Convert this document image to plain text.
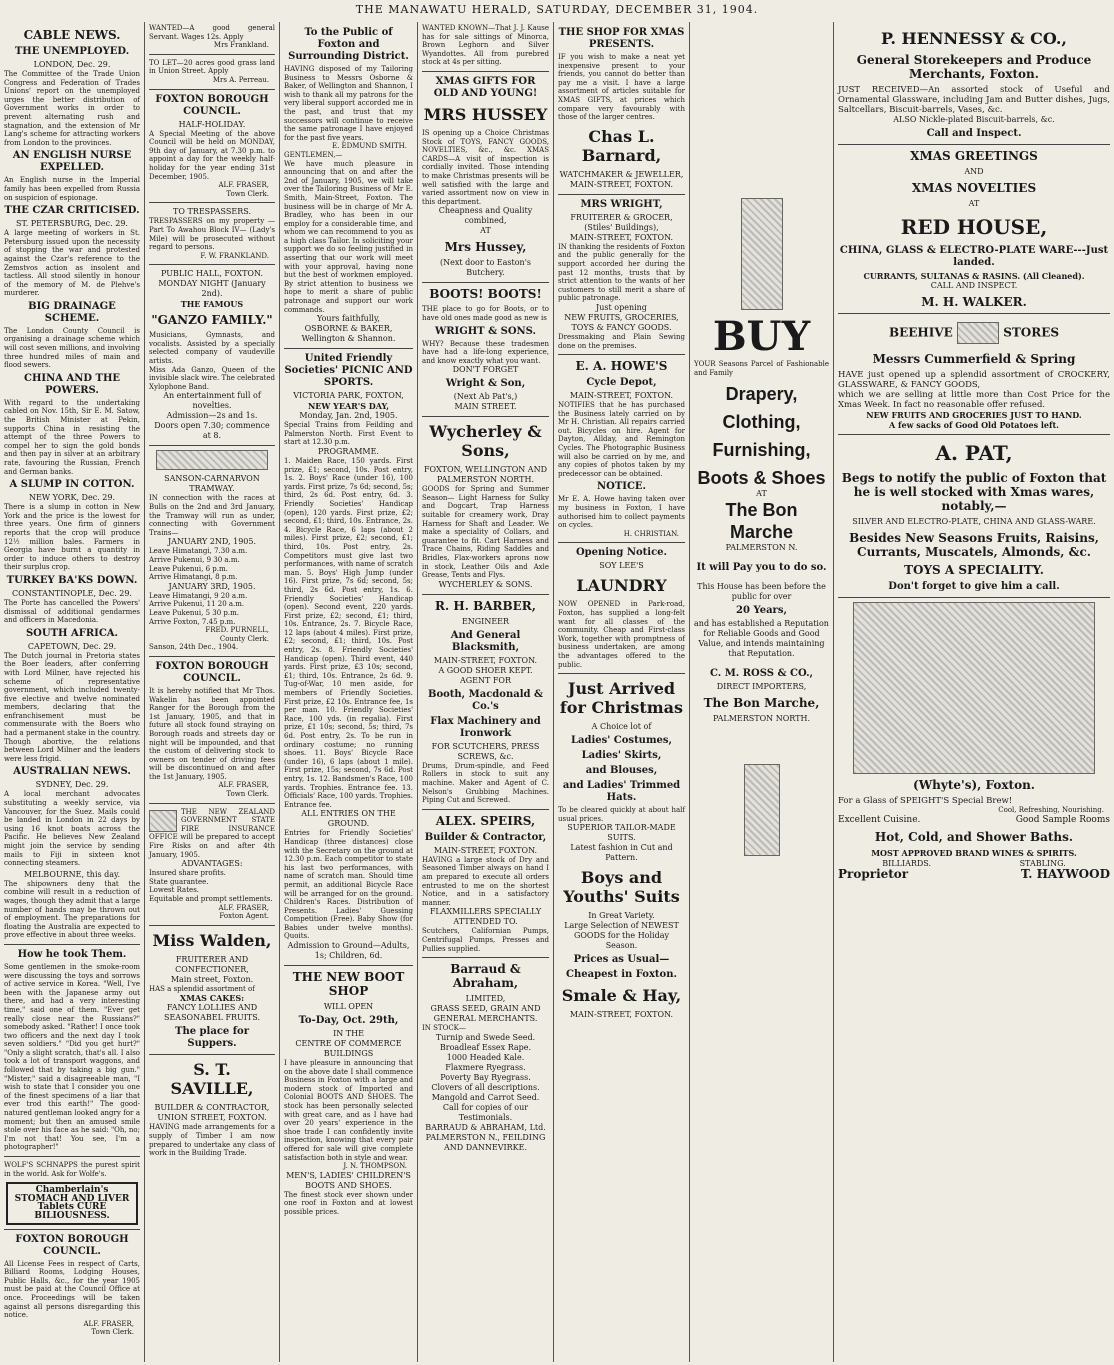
THE MANAWATU HERALD, SATURDAY, DECEMBER 31, 1904.
CABLE NEWS.
THE UNEMPLOYED.
LONDON, Dec. 29.
The Committee of the Trade Union Congress and Federation of Trades Unions' report on the unemployed urges the better distribution of Government works in order to prevent alternating rush and stagnation, and the extension of Mr Lang's scheme for attracting workers from London to the provinces.
AN ENGLISH NURSE EXPELLED.
An English nurse in the Imperial family has been expelled from Russia on suspicion of espionage.
THE CZAR CRITICISED.
ST. PETERSBURG, Dec. 29.
A large meeting of workers in St. Petersburg issued upon the necessity of stopping the war and protested against the Czar's reference to the Zemstvos action as insolent and tactless. All stood silently in honour of the memory of M. de Plehve's murderer.
BIG DRAINAGE SCHEME.
The London County Council is organising a drainage scheme which will cost seven millions, and involving three hundred miles of main and flood sewers.
CHINA AND THE POWERS.
With regard to the undertaking cabled on Nov. 15th, Sir E. M. Satow, the British Minister at Pekin, supports China in resisting the attempt of the three Powers to compel her to sign the gold bonds and then pay in silver at an arbitrary rate, favouring the Russian, French and German banks.
A SLUMP IN COTTON.
NEW YORK, Dec. 29.
There is a slump in cotton in New York and the price is the lowest for three years. One firm of ginners reports that the crop will produce 12½ million bales. Farmers in Georgia have burnt a quantity in order to induce others to destroy their surplus crop.
TURKEY BA'KS DOWN.
CONSTANTINOPLE, Dec. 29.
The Porte has cancelled the Powers' dismissal of additional gendarmes and officers in Macedonia.
SOUTH AFRICA.
CAPETOWN, Dec. 29.
The Dutch journal in Pretoria states the Boer leaders, after conferring with Lord Milner, have rejected his scheme of representative government, which included twenty-five elective and twelve nominated members, declaring that the enfranchisement must be commensurate with the Boers who had a permanent stake in the country. Though abortive, the relations between Lord Milner and the leaders were less frigid.
AUSTRALIAN NEWS.
SYDNEY, Dec. 29.
A local merchant advocates substituting a weekly service, via Vancouver, for the Suez. Mails could be landed in London in 22 days by using 16 knot boats across the Pacific. He believes New Zealand might join the service by sending mails to Fiji in sixteen knot connecting steamers.
MELBOURNE, this day.
The shipowners deny that the combine will result in a reduction of wages, though they admit that a large number of hands may be thrown out of employment. The preparations for floating the Australia are expected to prove effective in about three weeks.
How he took Them.
Some gentlemen in the smoke-room were discussing the toys and sorrows of active service in Korea. "Well, I've been with the Japanese army out there, and had a very interesting time," said one of them. "Ever get really close near the Russians?" somebody asked. "Rather! I once took two officers and the next day I took seven soldiers." "Did you get hurt?" "Only a slight scratch, that's all. I also took a lot of transport waggons, and followed that by taking a big gun." "Mister," said a disagreeable man, "I wish to state that I consider you one of the finest specimens of a liar that ever trod this earth!" The good-natured gentleman looked angry for a moment; but then an amused smile stole over his face as he said: "Oh, no; I'm not that! You see, I'm a photographer!"
WOLF'S SCHNAPPS the purest spirit in the world. Ask for Wolfe's.
Chamberlain's STOMACH AND LIVER Tablets CURE BILIOUSNESS.
FOXTON BOROUGH COUNCIL.
All License Fees in respect of Carts, Billiard Rooms, Lodging Houses, Public Halls, &c., for the year 1905 must be paid at the Council Office at once. Proceedings will be taken against all persons disregarding this notice.
ALF. FRASER,
Town Clerk.
WANTED—A good general Servant. Wages 12s. Apply
Mrs Frankland.
TO LET—20 acres good grass land in Union Street. Apply
Mrs A. Perreau.
FOXTON BOROUGH COUNCIL.
HALF-HOLIDAY.
A Special Meeting of the above Council will be held on MONDAY, 9th day of January, at 7.30 p.m. to appoint a day for the weekly half-holiday for the year ending 31st December, 1905.
ALF. FRASER,
Town Clerk.
TO TRESPASSERS.
TRESPASSERS on my property —Part To Awahou Block IV— (Lady's Mile) will be prosecuted without regard to persons.
F. W. FRANKLAND.
PUBLIC HALL, FOXTON.
MONDAY NIGHT (January 2nd).
THE FAMOUS
"GANZO FAMILY."
Musicians, Gymnasts, and vocalists. Assisted by a specially selected company of vaudeville artists.
Miss Ada Ganzo, Queen of the invisible slack wire. The celebrated Xylophone Band.
An entertainment full of novelties.
Admission—2s and 1s.
Doors open 7.30; commence at 8.
SANSON-CARNARVON TRAMWAY.
IN connection with the races at Bulls on the 2nd and 3rd January, the Tramway will run as under, connecting with Government Trains—
JANUARY 2ND, 1905.
Leave Himatangi, 7.30 a.m.
Arrive Pukenui, 9 30 a.m.
Leave Pukenui, 6 p.m.
Arrive Himatangi, 8 p.m.
JANUARY 3RD, 1905.
Leave Himatangi, 9 20 a.m.
Arrive Pukenui, 11 20 a.m.
Leave Pukenui, 5 30 p.m.
Arrive Foxton, 7.45 p.m.
FRED. PURNELL,
County Clerk.
Sanson, 24th Dec., 1904.
FOXTON BOROUGH COUNCIL.
It is hereby notified that Mr Thos. Wakelin has been appointed Ranger for the Borough from the 1st January, 1905, and that in future all stock found straying on Borough roads and streets day or night will be impounded, and that the custom of delivering stock to owners on tender of driving fees will be discontinued on and after the 1st January, 1905.
ALF. FRASER,
Town Clerk.
THE NEW ZEALAND GOVERNMENT STATE FIRE INSURANCE OFFICE will be prepared to accept Fire Risks on and after 4th January, 1905.
ADVANTAGES:
Insured share profits.
State guarantee.
Lowest Rates.
Equitable and prompt settlements.
ALF. FRASER,
Foxton Agent.
Miss Walden,
FRUITERER AND CONFECTIONER,
Main street, Foxton.
HAS a splendid assortment of
XMAS CAKES:
FANCY LOLLIES AND SEASONABEL FRUITS.
The place for Suppers.
S. T. SAVILLE,
BUILDER & CONTRACTOR,
UNION STREET, FOXTON.
HAVING made arrangements for a supply of Timber I am now prepared to undertake any class of work in the Building Trade.
To the Public of Foxton and Surrounding District.
HAVING disposed of my Tailoring Business to Messrs Osborne & Baker, of Wellington and Shannon, I wish to thank all my patrons for the very liberal support accorded me in the past, and trust that my successors will continue to receive the same patronage I have enjoyed for the past five years.
E. EDMUND SMITH.
GENTLEMEN,—
We have much pleasure in announcing that on and after the 2nd of January, 1905, we will take over the Tailoring Business of Mr E. Smith, Main-Street, Foxton. The business will be in charge of Mr A. Bradley, who has been in our employ for a considerable time, and whom we can recommend to you as a high class Tailor. In soliciting your support we do so feeling justified in asserting that our work will meet with your approval, having none but the best of workmen employed. By strict attention to business we hope to merit a share of public patronage and support our work commands.
Yours faithfully,
OSBORNE & BAKER,
Wellington & Shannon.
United Friendly Societies' PICNIC AND SPORTS.
VICTORIA PARK, FOXTON,
NEW YEAR'S DAY,
Monday, Jan. 2nd, 1905.
Special Trains from Feilding and Palmerston North. First Event to start at 12.30 p.m.
PROGRAMME.
1. Maiden Race, 150 yards. First prize, £1; second, 10s. Post entry, 1s. 2. Boys' Race (under 16), 100 yards. First prize, 7s 6d; second, 5s; third, 2s 6d. Post entry, 6d. 3. Friendly Societies' Handicap (open), 120 yards. First prize, £2; second, £1; third, 10s. Entrance, 2s. 4. Bicycle Race, 6 laps (about 2 miles). First prize, £2; second, £1; third, 10s. Post entry, 2s. Competitors must give last two performances, with name of scratch man. 5. Boys' High Jump (under 16). First prize, 7s 6d; second, 5s; third, 2s 6d. Post entry, 1s. 6. Friendly Societies' Handicap (open). Second event, 220 yards. First prize, £2; second, £1; third, 10s. Entrance, 2s. 7. Bicycle Race, 12 laps (about 4 miles). First prize, £2; second, £1; third, 10s. Post entry, 2s. 8. Friendly Societies' Handicap (open). Third event, 440 yards. First prize, £3 10s; second, £1; third, 10s. Entrance, 2s 6d. 9. Tug-of-War, 10 men aside, for members of Friendly Societies. First prize, £2 10s. Entrance fee, 1s per man. 10. Friendly Societies' Race, 100 yds. (in regalia). First prize, £1 10s; second, 5s; third, 7s 6d. Post entry, 2s. To be run in ordinary costume; no running shoes. 11. Boys' Bicycle Race (under 16), 6 laps (about 1 mile). First prize, 15s; second, 7s 6d. Post entry, 1s. 12. Bandsmen's Race, 100 yards. Trophies. Entrance fee. 13. Officials' Race, 100 yards. Trophies. Entrance fee.
ALL ENTRIES ON THE GROUND.
Entries for Friendly Societies' Handicap (three distances) close with the Secretary on the ground at 12.30 p.m. Each competitor to state his last two performances, with name of scratch man. Should time permit, an additional Bicycle Race will be arranged for on the ground. Children's Races. Distribution of Presents. Ladies' Guessing Competition (Free). Baby Show (for Babies under twelve months). Quoits.
Admission to Ground—Adults, 1s; Children, 6d.
THE NEW BOOT SHOP
WILL OPEN
To-Day, Oct. 29th,
IN THE
CENTRE OF COMMERCE BUILDINGS
I have pleasure in announcing that on the above date I shall commence Business in Foxton with a large and modern stock of Imported and Colonial BOOTS AND SHOES. The stock has been personally selected with great care, and as I have had over 20 years' experience in the shoe trade I can confidently invite inspection, knowing that every pair offered for sale will give complete satisfaction both in style and wear.
J. N. THOMPSON.
MEN'S, LADIES' CHILDREN'S BOOTS AND SHOES.
The finest stock ever shown under one roof in Foxton and at lowest possible prices.
WANTED KNOWN—That J. J. Kause has for sale sittings of Minorca, Brown Leghorn and Silver Wyandottes. All from purebred stock at 4s per sitting.
XMAS GIFTS FOR OLD AND YOUNG!
MRS HUSSEY
IS opening up a Choice Christmas Stock of TOYS, FANCY GOODS, NOVELTIES, &c., &c. XMAS CARDS—A visit of inspection is cordially invited. Those intending to make Christmas presents will be well satisfied with the large and varied assortment now on view in this department.
Cheapness and Quality combined,
AT
Mrs Hussey,
(Next door to Easton's Butchery.
BOOTS! BOOTS!
THE place to go for Boots, or to have old ones made good as new is
WRIGHT & SONS.
WHY? Because these tradesmen have had a life-long experience, and know exactly what you want.
DON'T FORGET
Wright & Son,
(Next Ab Pat's,)
MAIN STREET.
Wycherley & Sons,
FOXTON, WELLINGTON AND PALMERSTON NORTH.
GOODS for Spring and Summer Season— Light Harness for Sulky and Dogcart, Trap Harness suitable for creamery work, Dray Harness for Shaft and Leader. We make a speciality of Collars, and guarantee to fit. Cart Harness and Trace Chains, Riding Saddles and Bridles, Flax-workers aprons now in stock, Leather Oils and Axle Grease, Tents and Flys.
WYCHERLEY & SONS.
R. H. BARBER,
ENGINEER
And General Blacksmith,
MAIN-STREET, FOXTON.
A GOOD SHOER KEPT.
AGENT FOR
Booth, Macdonald & Co.'s
Flax Machinery and Ironwork
FOR SCUTCHERS, PRESS SCREWS, &c.
Drums, Drum-spindle, and Feed Rollers in stock to suit any machine. Maker and Agent of C. Nelson's Grubbing Machines. Piping Cut and Screwed.
ALEX. SPEIRS,
Builder & Contractor,
MAIN-STREET, FOXTON.
HAVING a large stock of Dry and Seasoned Timber always on hand I am prepared to execute all orders entrusted to me on the shortest Notice, and in a satisfactory manner.
FLAXMILLERS SPECIALLY ATTENDED TO.
Scutchers, Californian Pumps, Centrifugal Pumps, Presses and Pullies supplied.
Barraud & Abraham,
LIMITED,
GRASS SEED, GRAIN AND GENERAL MERCHANTS.
IN STOCK—
Turnip and Swede Seed.
Broadleaf Essex Rape.
1000 Headed Kale.
Flaxmere Ryegrass.
Poverty Bay Ryegrass.
Clovers of all descriptions.
Mangold and Carrot Seed.
Call for copies of our Testimonials.
BARRAUD & ABRAHAM, Ltd.
PALMERSTON N., FEILDING AND DANNEVIRKE.
THE SHOP FOR XMAS PRESENTS.
IF you wish to make a neat yet inexpensive present to your friends, you cannot do better than pay me a visit. I have a large assortment of articles suitable for XMAS GIFTS, at prices which compare very favourably with those of the larger centres.
Chas L. Barnard,
WATCHMAKER & JEWELLER,
MAIN-STREET, FOXTON.
MRS WRIGHT,
FRUITERER & GROCER,
(Stiles' Buildings),
MAIN-STREET, FOXTON.
IN thanking the residents of Foxton and the public generally for the support accorded her during the past 12 months, trusts that by strict attention to the wants of her customers to still merit a share of public patronage.
Just opening
NEW FRUITS, GROCERIES, TOYS & FANCY GOODS.
Dressmaking and Plain Sewing done on the premises.
E. A. HOWE'S
Cycle Depot,
MAIN-STREET, FOXTON.
NOTIFIES that he has purchased the Business lately carried on by Mr H. Christian. All repairs carried out. Bicycles on hire. Agent for Dayton, Allday, and Remington Cycles. The Photographic Business will also be carried on by me, and any copies of photos taken by my predecessor can be obtained.
NOTICE.
Mr E. A. Howe having taken over my business in Foxton, I have authorised him to collect payments on cycles.
H. CHRISTIAN.
Opening Notice.
SOY LEE'S
LAUNDRY
NOW OPENED in Park-road, Foxton, has supplied a long-felt want for all classes of the community. Cheap and First-class Work, together with promptness of business undertaken, are among the advantages offered to the public.
Just Arrived for Christmas
A Choice lot of
Ladies' Costumes,
Ladies' Skirts,
and Blouses,
and Ladies' Trimmed Hats.
To be cleared quickly at about half usual prices.
SUPERIOR TAILOR-MADE SUITS.
Latest fashion in Cut and Pattern.
Boys and Youths' Suits
In Great Variety.
Large Selection of NEWEST GOODS for the Holiday Season.
Prices as Usual—
Cheapest in Foxton.
Smale & Hay,
MAIN-STREET, FOXTON.
BUY
YOUR Seasons Parcel of Fashionable and Family
Drapery,
Clothing,
Furnishing,
Boots & Shoes
AT
The Bon Marche
PALMERSTON N.
It will Pay you to do so.
This House has been before the public for over
20 Years,
and has established a Reputation for Reliable Goods and Good Value, and intends maintaining that Reputation.
C. M. ROSS & CO.,
DIRECT IMPORTERS,
The Bon Marche,
PALMERSTON NORTH.
P. HENNESSY & CO.,
General Storekeepers and Produce Merchants, Foxton.
JUST RECEIVED—An assorted stock of Useful and Ornamental Glassware, including Jam and Butter dishes, Jugs, Saltcellars, Biscuit-barrels, Vases, &c.
ALSO Nickle-plated Biscuit-barrels, &c.
Call and Inspect.
XMAS GREETINGS
AND
XMAS NOVELTIES
AT
RED HOUSE,
CHINA, GLASS & ELECTRO-PLATE WARE---Just landed.
CURRANTS, SULTANAS & RASINS. (All Cleaned).
CALL AND INSPECT.
M. H. WALKER.
BEEHIVE	STORES
Messrs Cummerfield & Spring
HAVE just opened up a splendid assortment of CROCKERY, GLASSWARE, & FANCY GOODS,
which we are selling at little more than Cost Price for the Xmas Week. In fact no reasonable offer refused.
NEW FRUITS AND GROCERIES JUST TO HAND.
A few sacks of Good Old Potatoes left.
A. PAT,
Begs to notify the public of Foxton that he is well stocked with Xmas wares, notably,—
SILVER AND ELECTRO-PLATE, CHINA AND GLASS-WARE.
Besides New Seasons Fruits, Raisins, Currants, Muscatels, Almonds, &c.
TOYS A SPECIALITY.
Don't forget to give him a call.
(Whyte's), Foxton.
For a Glass of SPEIGHT'S Special Brew!
Cool, Refreshing, Nourishing.
Excellent Cuisine.	Good Sample Rooms
Hot, Cold, and Shower Baths.
MOST APPROVED BRAND WINES & SPIRITS.
BILLIARDS.	STABLING.
Proprietor	T. HAYWOOD
